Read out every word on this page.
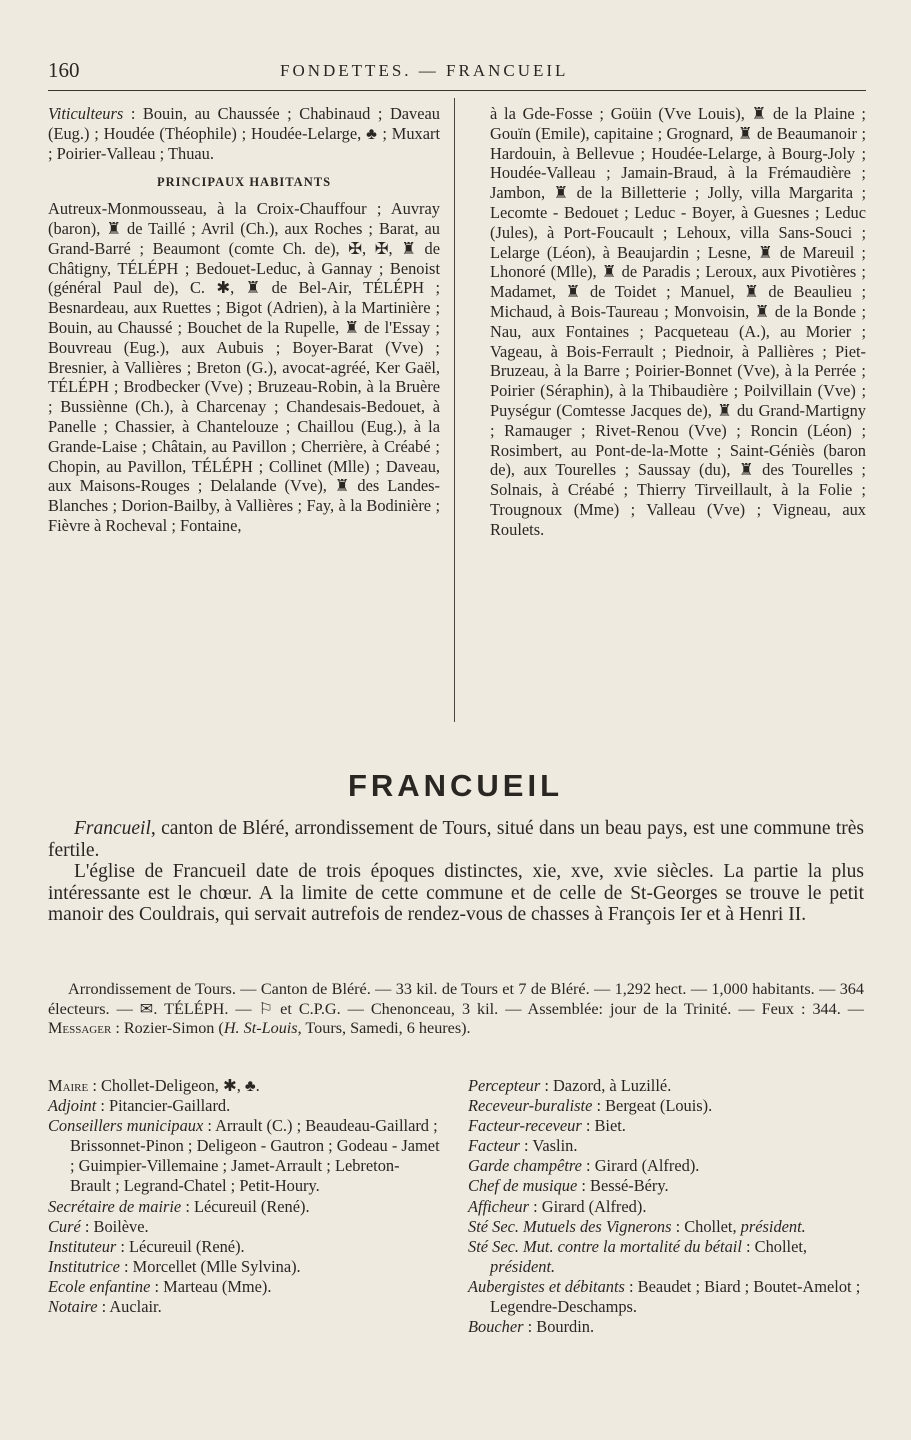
160	FONDETTES. — FRANCUEIL

Viticulteurs : Bouin, au Chaussée ; Chabinaud ; Daveau (Eug.) ; Houdée (Théophile) ; Houdée-Lelarge, ♣ ; Muxart ; Poirier-Valleau ; Thuau.

PRINCIPAUX HABITANTS

Autreux-Monmousseau, à la Croix-Chauffour ; Auvray (baron), ♜ de Taillé ; Avril (Ch.), aux Roches ; Barat, au Grand-Barré ; Beaumont (comte Ch. de), ✠, ✠, ♜ de Châtigny, TÉLÉPH ; Bedouet-Leduc, à Gannay ; Benoist (général Paul de), C. ✱, ♜ de Bel-Air, TÉLÉPH ; Besnardeau, aux Ruettes ; Bigot (Adrien), à la Martinière ; Bouin, au Chaussé ; Bouchet de la Rupelle, ♜ de l'Essay ; Bouvreau (Eug.), aux Aubuis ; Boyer-Barat (Vve) ; Bresnier, à Vallières ; Breton (G.), avocat-agréé, Ker Gaël, TÉLÉPH ; Brodbecker (Vve) ; Bruzeau-Robin, à la Bruère ; Bussiènne (Ch.), à Charcenay ; Chandesais-Bedouet, à Panelle ; Chassier, à Chantelouze ; Chaillou (Eug.), à la Grande-Laise ; Châtain, au Pavillon ; Cherrière, à Créabé ; Chopin, au Pavillon, TÉLÉPH ; Collinet (Mlle) ; Daveau, aux Maisons-Rouges ; Delalande (Vve), ♜ des Landes-Blanches ; Dorion-Bailby, à Vallières ; Fay, à la Bodinière ; Fièvre à Rocheval ; Fontaine,

à la Gde-Fosse ; Goüin (Vve Louis), ♜ de la Plaine ; Gouïn (Emile), capitaine ; Grognard, ♜ de Beaumanoir ; Hardouin, à Bellevue ; Houdée-Lelarge, à Bourg-Joly ; Houdée-Valleau ; Jamain-Braud, à la Frémaudière ; Jambon, ♜ de la Billetterie ; Jolly, villa Margarita ; Lecomte - Bedouet ; Leduc - Boyer, à Guesnes ; Leduc (Jules), à Port-Foucault ; Lehoux, villa Sans-Souci ; Lelarge (Léon), à Beaujardin ; Lesne, ♜ de Mareuil ; Lhonoré (Mlle), ♜ de Paradis ; Leroux, aux Pivotières ; Madamet, ♜ de Toidet ; Manuel, ♜ de Beaulieu ; Michaud, à Bois-Taureau ; Monvoisin, ♜ de la Bonde ; Nau, aux Fontaines ; Pacqueteau (A.), au Morier ; Vageau, à Bois-Ferrault ; Piednoir, à Pallières ; Piet-Bruzeau, à la Barre ; Poirier-Bonnet (Vve), à la Perrée ; Poirier (Séraphin), à la Thibaudière ; Poilvillain (Vve) ; Puységur (Comtesse Jacques de), ♜ du Grand-Martigny ; Ramauger ; Rivet-Renou (Vve) ; Roncin (Léon) ; Rosimbert, au Pont-de-la-Motte ; Saint-Géniès (baron de), aux Tourelles ; Saussay (du), ♜ des Tourelles ; Solnais, à Créabé ; Thierry Tirveillault, à la Folie ; Trougnoux (Mme) ; Valleau (Vve) ; Vigneau, aux Roulets.

FRANCUEIL

Francueil, canton de Bléré, arrondissement de Tours, situé dans un beau pays, est une commune très fertile.

L'église de Francueil date de trois époques distinctes, xie, xve, xvie siècles. La partie la plus intéressante est le chœur. A la limite de cette commune et de celle de St-Georges se trouve le petit manoir des Couldrais, qui servait autrefois de rendez-vous de chasses à François Ier et à Henri II.

Arrondissement de Tours. — Canton de Bléré. — 33 kil. de Tours et 7 de Bléré. — 1,292 hect. — 1,000 habitants. — 364 électeurs. — ✉. TÉLÉPH. — ⚐ et C.P.G. — Chenonceau, 3 kil. — Assemblée: jour de la Trinité. — Feux : 344. — Messager : Rozier-Simon (H. St-Louis, Tours, Samedi, 6 heures).

Maire : Chollet-Deligeon, ✱, ♣.

Adjoint : Pitancier-Gaillard.

Conseillers municipaux : Arrault (C.) ; Beaudeau-Gaillard ; Brissonnet-Pinon ; Deligeon - Gautron ; Godeau - Jamet ; Guimpier-Villemaine ; Jamet-Arrault ; Lebreton-Brault ; Legrand-Chatel ; Petit-Houry.

Secrétaire de mairie : Lécureuil (René).

Curé : Boilève.

Instituteur : Lécureuil (René).

Institutrice : Morcellet (Mlle Sylvina).

Ecole enfantine : Marteau (Mme).

Notaire : Auclair.

Percepteur : Dazord, à Luzillé.

Receveur-buraliste : Bergeat (Louis).

Facteur-receveur : Biet.

Facteur : Vaslin.

Garde champêtre : Girard (Alfred).

Chef de musique : Bessé-Béry.

Afficheur : Girard (Alfred).

Sté Sec. Mutuels des Vignerons : Chollet, président.

Sté Sec. Mut. contre la mortalité du bétail : Chollet, président.

Aubergistes et débitants : Beaudet ; Biard ; Boutet-Amelot ; Legendre-Deschamps.

Boucher : Bourdin.
